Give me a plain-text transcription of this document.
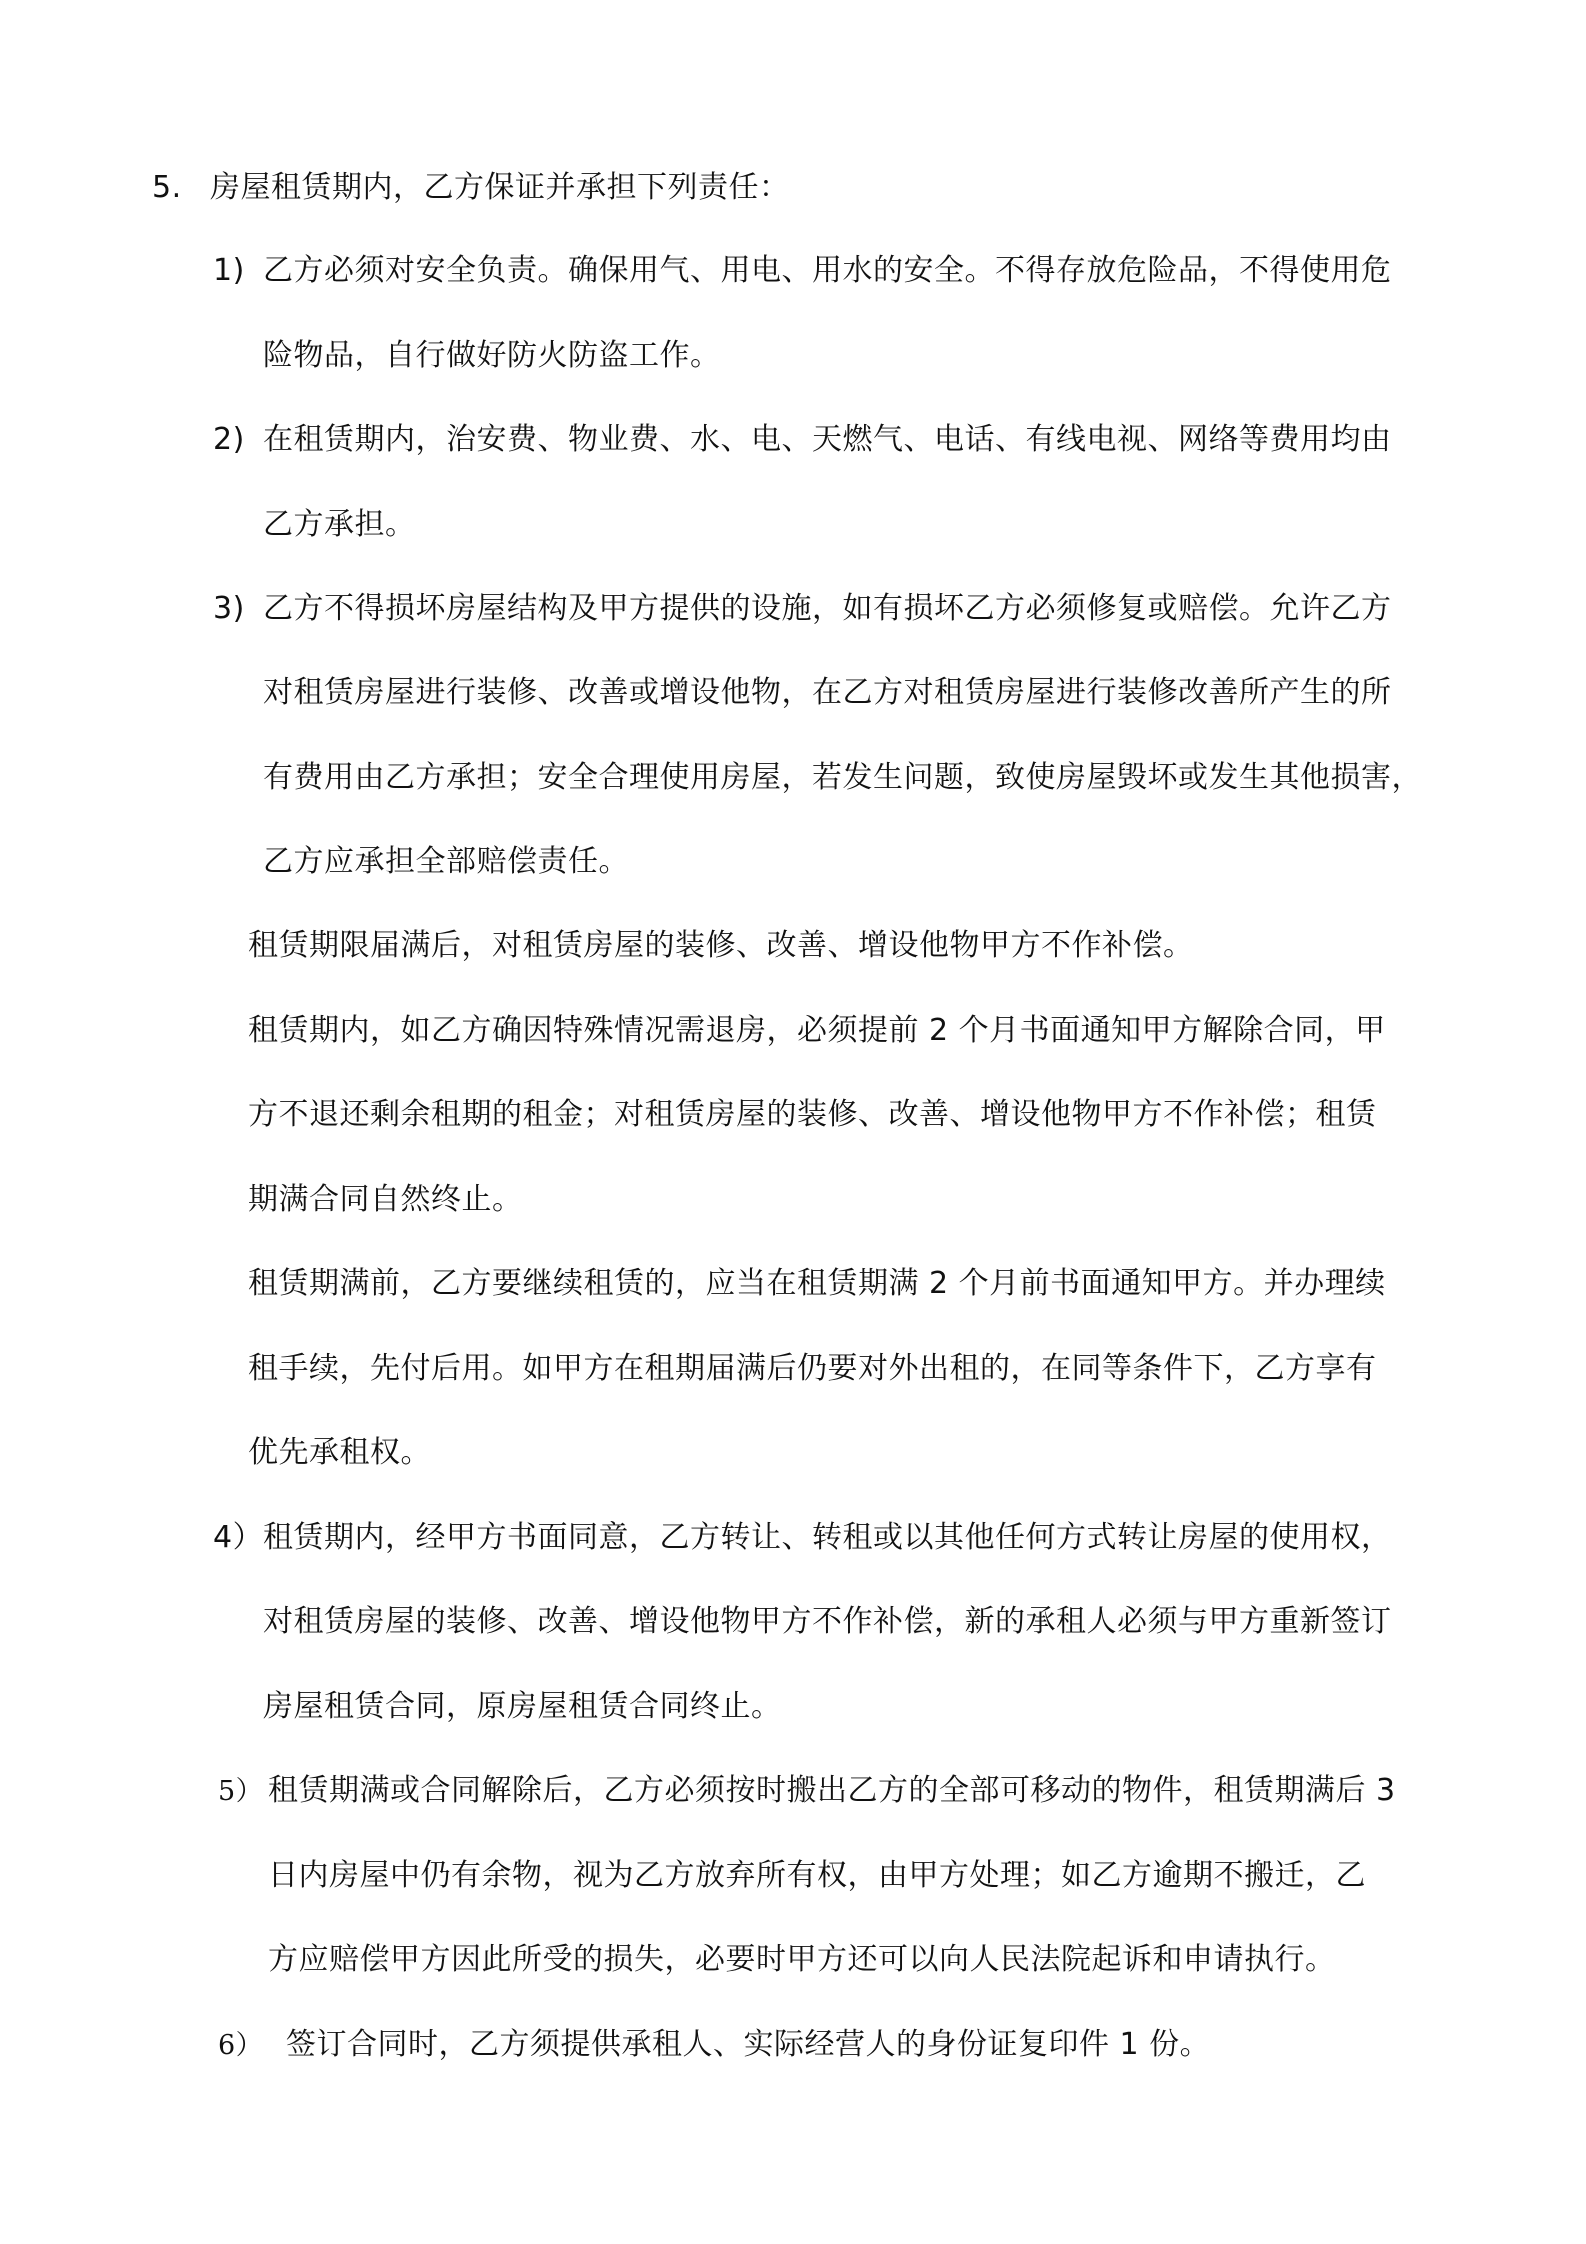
5. 房屋租赁期内，乙方保证并承担下列责任：
1) 乙方必须对安全负责。确保用气、用电、用水的安全。不得存放危险品，不得使用危
险物品，自行做好防火防盗工作。
2) 在租赁期内，治安费、物业费、水、电、天燃气、电话、有线电视、网络等费用均由
乙方承担。
3) 乙方不得损坏房屋结构及甲方提供的设施，如有损坏乙方必须修复或赔偿。允许乙方
对租赁房屋进行装修、改善或增设他物，在乙方对租赁房屋进行装修改善所产生的所
有费用由乙方承担；安全合理使用房屋，若发生问题，致使房屋毁坏或发生其他损害，
乙方应承担全部赔偿责任。
租赁期限届满后，对租赁房屋的装修、改善、增设他物甲方不作补偿。
租赁期内，如乙方确因特殊情况需退房，必须提前 2 个月书面通知甲方解除合同，甲
方不退还剩余租期的租金；对租赁房屋的装修、改善、增设他物甲方不作补偿；租赁
期满合同自然终止。
租赁期满前，乙方要继续租赁的，应当在租赁期满 2 个月前书面通知甲方。并办理续
租手续，先付后用。如甲方在租期届满后仍要对外出租的，在同等条件下，乙方享有
优先承租权。
4）租赁期内，经甲方书面同意，乙方转让、转租或以其他任何方式转让房屋的使用权，
对租赁房屋的装修、改善、增设他物甲方不作补偿，新的承租人必须与甲方重新签订
房屋租赁合同，原房屋租赁合同终止。
5） 租赁期满或合同解除后，乙方必须按时搬出乙方的全部可移动的物件，租赁期满后 3
日内房屋中仍有余物，视为乙方放弃所有权，由甲方处理；如乙方逾期不搬迁，乙
方应赔偿甲方因此所受的损失，必要时甲方还可以向人民法院起诉和申请执行。
6） 签订合同时，乙方须提供承租人、实际经营人的身份证复印件 1 份。
